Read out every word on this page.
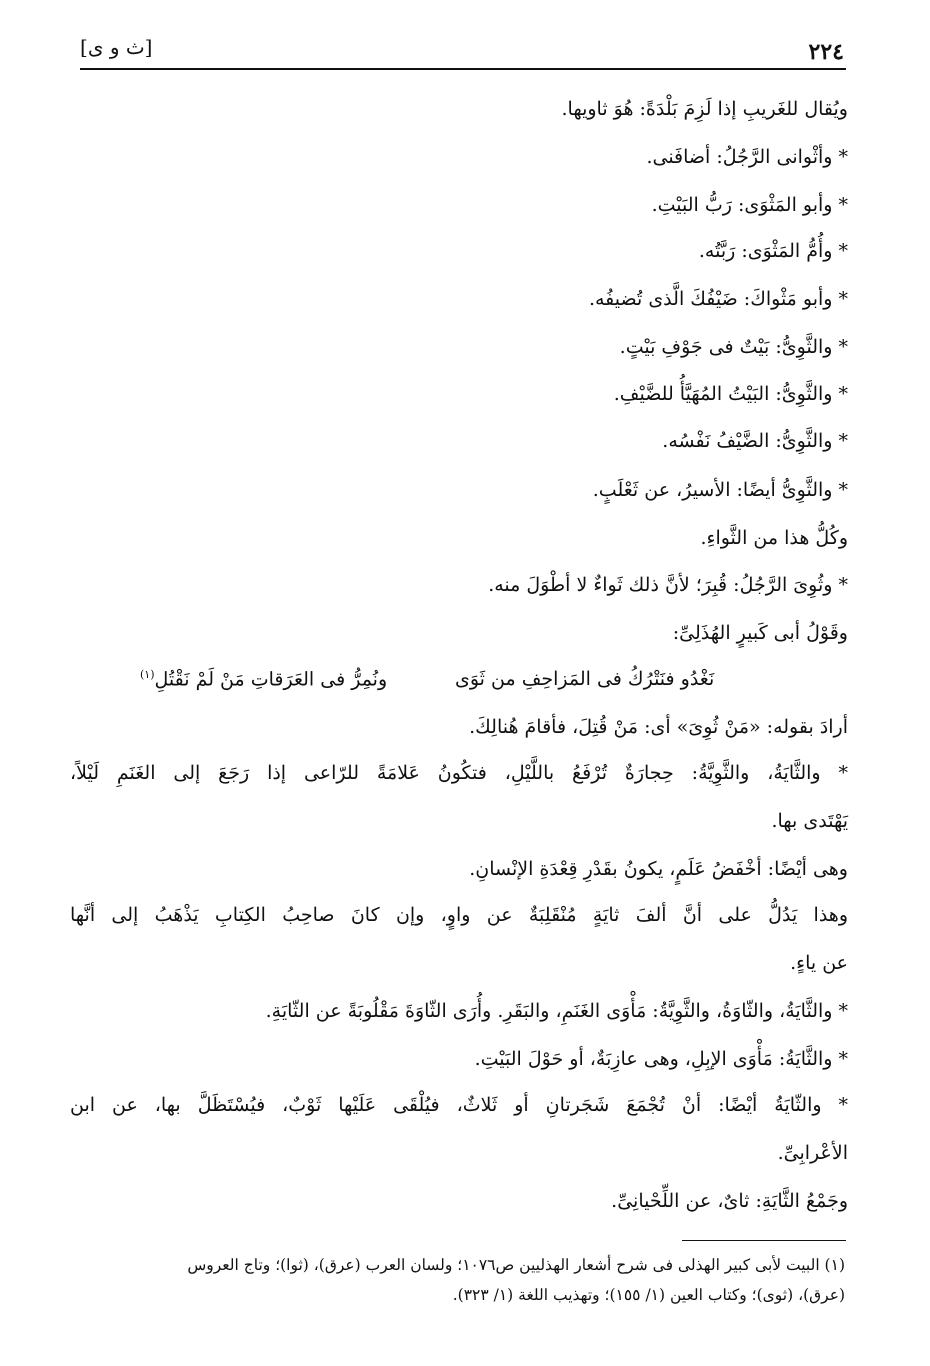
[ث و ى]	٢٢٤
ويُقال للغَريبِ إذا لَزِمَ بَلْدَةً: هُوَ ثاويها.
* وأثْوانى الرَّجُلُ: أضافَنى.
* وأبو المَثْوَى: رَبُّ البَيْتِ.
* وأُمُّ المَثْوَى: رَبَّتُه.
* وأبو مَثْواكَ: ضَيْفُكَ الَّذى تُضيفُه.
* والثَّوِىُّ: بَيْتٌ فى جَوْفِ بَيْتٍ.
* والثَّوِىُّ: البَيْتُ المُهَيَّأُ للضَّيْفِ.
* والثَّوِىُّ: الضَّيْفُ نَفْسُه.
* والثَّوِىُّ أيضًا: الأسيرُ، عن ثَعْلَبٍ.
وكُلُّ هذا من الثَّواءِ.
* وثُوِىَ الرَّجُلُ: قُبِرَ؛ لأنَّ ذلك ثَواءٌ لا أطْوَلَ منه.
وقَوْلُ أبى كَبيرٍ الهُذَلِىِّ:
أرادَ بقوله: «مَنْ ثُوِىَ» أى: مَنْ قُتِلَ، فأقامَ هُنالِكَ.
* والثَّايَةُ، والثَّوِيَّةُ: حِجارَةٌ تُرْفَعُ باللَّيْلِ، فتكُونُ عَلامَةً للرّاعى إذا رَجَعَ إلى الغَنَمِ لَيْلاً،
يَهْتَدى بها.
وهى أيْضًا: أخْفَضُ عَلَمٍ، يكونُ بقَدْرِ قِعْدَةِ الإنْسانِ.
وهذا يَدُلُّ على أنَّ ألفَ ثايَةٍ مُنْقَلِبَةٌ عن واوٍ، وإن كانَ صاحِبُ الكِتابِ يَذْهَبُ إلى أنَّها
عن ياءٍ.
* والثَّايَةُ، والثّاوَةُ، والثَّوِيَّةُ: مَأْوَى الغَنَمِ، والبَقَرِ. وأُرَى الثّاوَةَ مَقْلُوبَةً عن الثّايَةِ.
* والثَّايَةُ: مَأْوَى الإبِلِ، وهى عازِبَةٌ، أو حَوْلَ البَيْتِ.
* والثّايَةُ أيْضًا: أنْ تُجْمَعَ شَجَرتانِ أو ثَلاثٌ، فيُلْقَى عَلَيْها ثَوْبٌ، فيُسْتَظَلَّ بها، عن ابن
الأعْرابِىِّ.
وجَمْعُ الثَّايَةِ: ثاىٌ، عن اللِّحْيانِىِّ.
نَغْدُو فنَتْرُكُ فى المَزاحِفِ من ثَوَى
ونُمِرُّ فى العَرَقاتِ مَنْ لَمْ نَقْتُلِ$^{(١)}$
(١) البيت لأبى كبير الهذلى فى شرح أشعار الهذليين ص١٠٧٦؛ ولسان العرب (عرق)، (ثوا)؛ وتاج العروس
(عرق)، (ثوى)؛ وكتاب العين (١/ ١٥٥)؛ وتهذيب اللغة (١/ ٣٢٣).
